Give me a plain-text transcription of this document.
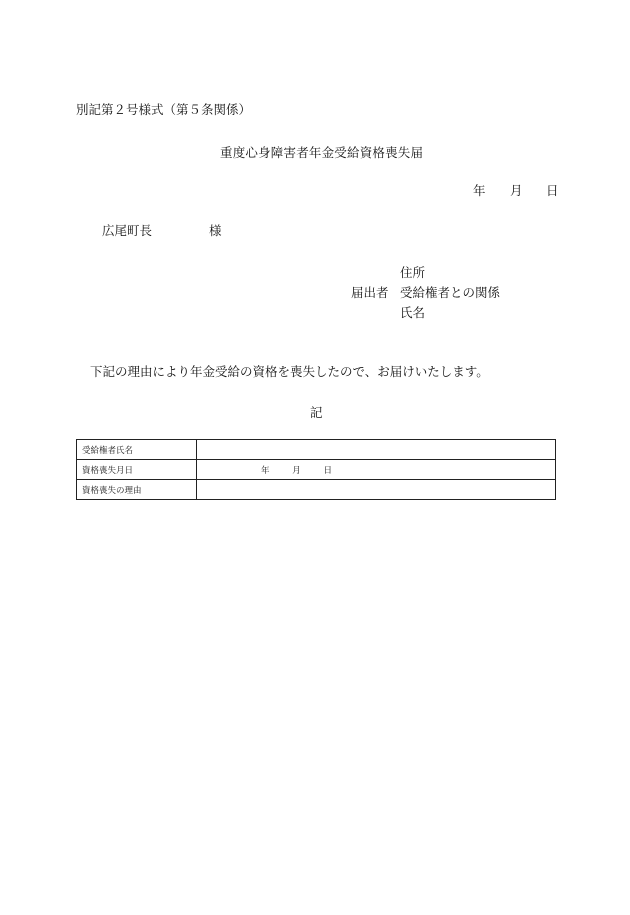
別記第２号様式（第５条関係）
重度心身障害者年金受給資格喪失届
年 月 日
広尾町長	様
住所
届出者 受給権者との関係
氏名
下記の理由により年金受給の資格を喪失したので、お届けいたします。
記
受給権者氏名	
資格喪失月日	年 月 日
資格喪失の理由	
